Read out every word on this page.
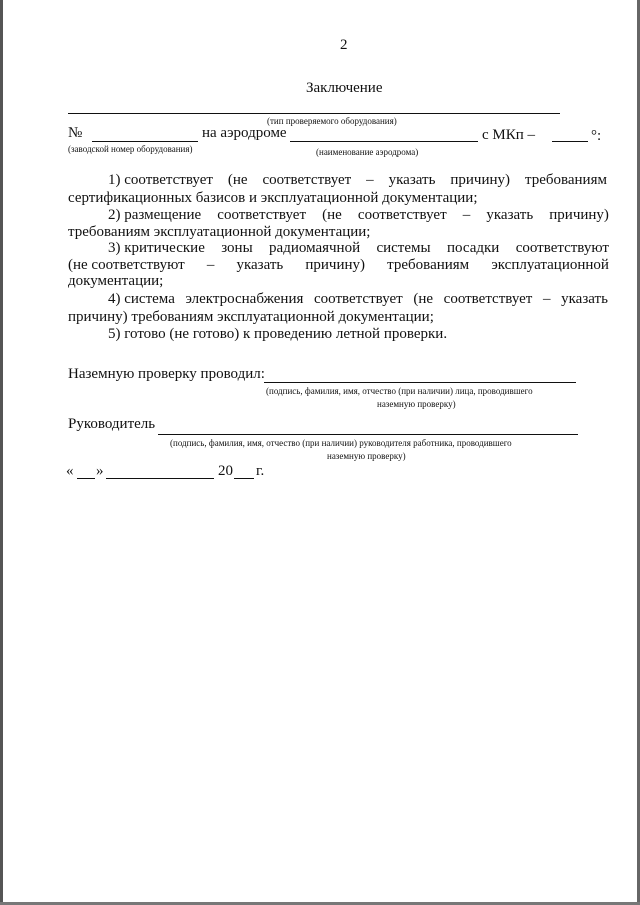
2
Заключение
(тип проверяемого оборудования)
№	на аэродроме	с МКп –	°:
(заводской номер оборудования)	(наименование аэродрома)
1) соответствует (не соответствует – указать причину) требованиям
сертификационных базисов и эксплуатационной документации;
2) размещение соответствует (не соответствует – указать причину)
требованиям эксплуатационной документации;
3) критические зоны радиомаячной системы посадки соответствуют
(не соответствуют – указать причину) требованиям эксплуатационной
документации;
4) система электроснабжения соответствует (не соответствует – указать
причину) требованиям эксплуатационной документации;
5) готово (не готово) к проведению летной проверки.
Наземную проверку проводил:
(подпись, фамилия, имя, отчество (при наличии) лица, проводившего
наземную проверку)
Руководитель
(подпись, фамилия, имя, отчество (при наличии) руководителя работника, проводившего
наземную проверку)
« »	20 г.
